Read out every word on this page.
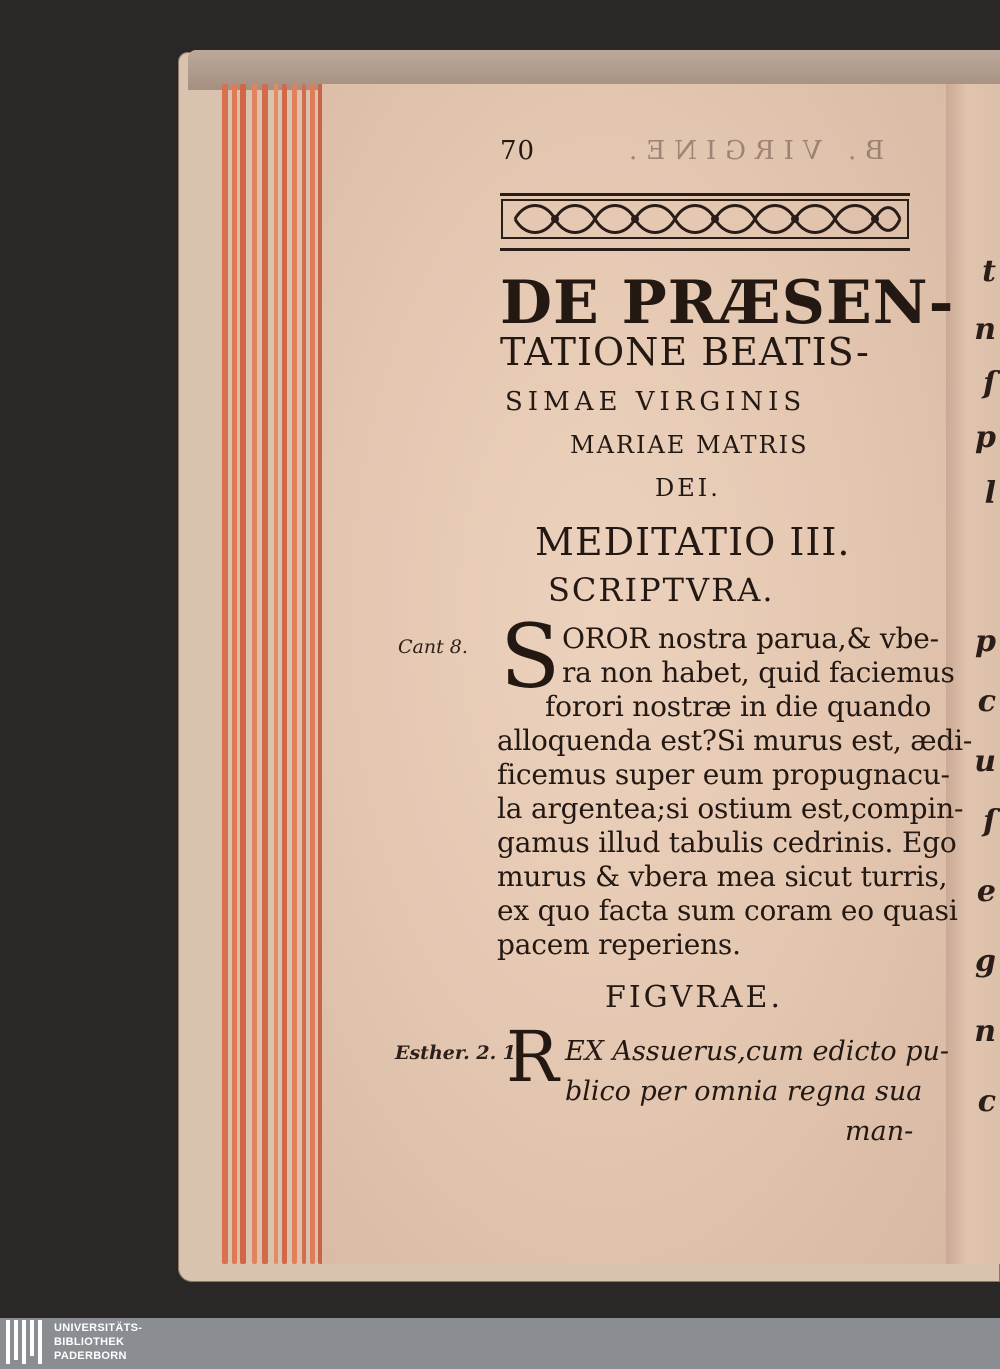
t
n
ſ
p
l
p
c
u
ſ
e
g
n
c
70	B. VIRGINE.
DE PRÆSEN-
TATIONE BEATIS-
SIMAE VIRGINIS
MARIAE MATRIS
DEI.
MEDITATIO III.
SCRIPTVRA.
Cant 8. S OROR nostra parua,& vbe-
ra non habet, quid faciemus
forori nostræ in die quando
alloquenda est?Si murus est, ædi-
ficemus super eum propugnacu-
la argentea;si ostium est,compin-
gamus illud tabulis cedrinis. Ego
murus & vbera mea sicut turris,
ex quo facta sum coram eo quasi
pacem reperiens.
FIGVRAE.
Esther. 2. 1.
R EX Assuerus,cum edicto pu-
blico per omnia regna sua
man-
UNIVERSITÄTS-
BIBLIOTHEK
PADERBORN
